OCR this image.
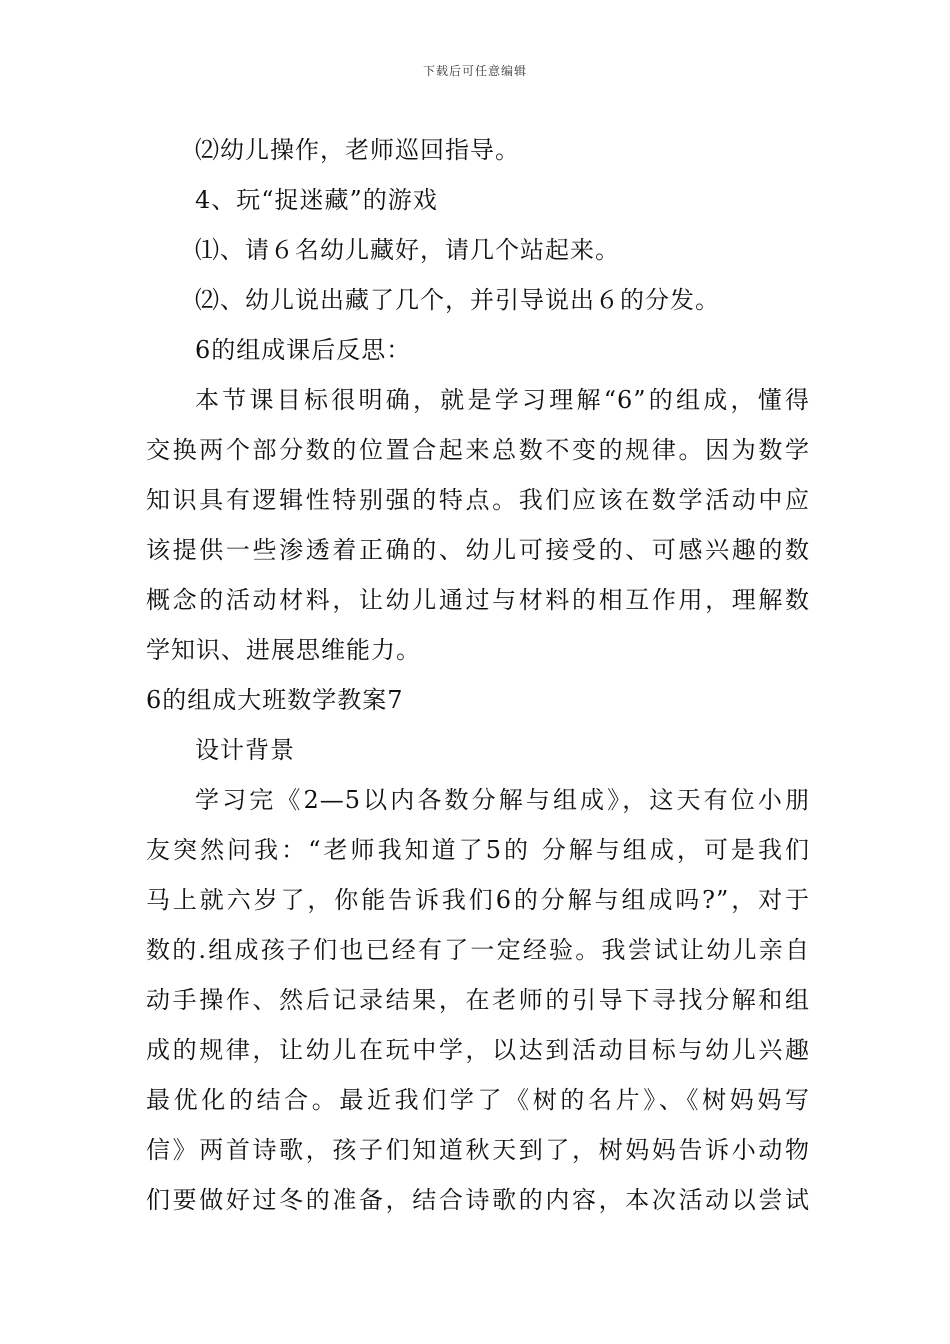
下载后可任意编辑
⑵幼儿操作，老师巡回指导。
4、玩“捉迷藏”的游戏
⑴、请６名幼儿藏好，请几个站起来。
⑵、幼儿说出藏了几个，并引导说出６的分发。
6的组成课后反思：
本节课目标很明确，就是学习理解“6”的组成，懂得
交换两个部分数的位置合起来总数不变的规律。因为数学
知识具有逻辑性特别强的特点。我们应该在数学活动中应
该提供一些渗透着正确的、幼儿可接受的、可感兴趣的数
概念的活动材料，让幼儿通过与材料的相互作用，理解数
学知识、进展思维能力。
6的组成大班数学教案7
设计背景
学习完《2—5以内各数分解与组成》，这天有位小朋
友突然问我：“老师我知道了5的 分解与组成，可是我们
马上就六岁了，你能告诉我们6的分解与组成吗?”，对于
数的.组成孩子们也已经有了一定经验。我尝试让幼儿亲自
动手操作、然后记录结果，在老师的引导下寻找分解和组
成的规律，让幼儿在玩中学，以达到活动目标与幼儿兴趣
最优化的结合。最近我们学了《树的名片》、《树妈妈写
信》两首诗歌，孩子们知道秋天到了，树妈妈告诉小动物
们要做好过冬的准备，结合诗歌的内容，本次活动以尝试
